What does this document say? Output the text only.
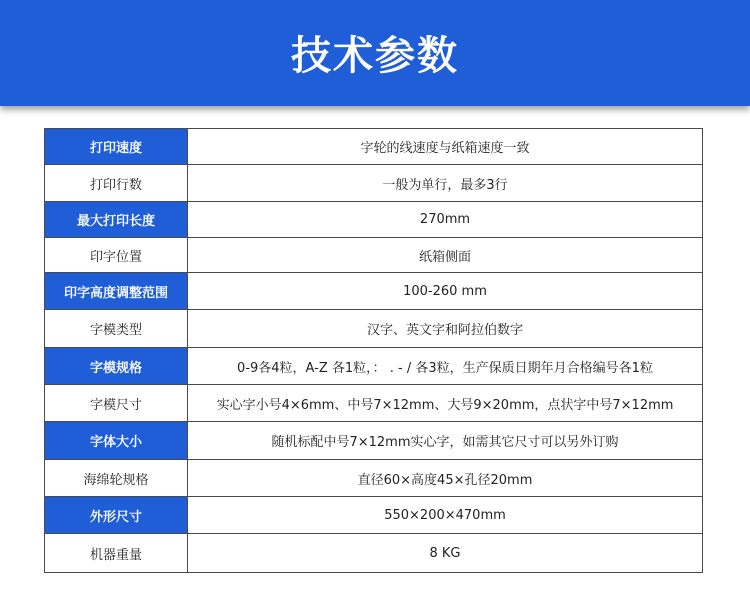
技术参数
打印速度	字轮的线速度与纸箱速度一致
打印行数	一般为单行，最多3行
最大打印长度	270mm
印字位置	纸箱侧面
印字高度调整范围	100-260 mm
字模类型	汉字、英文字和阿拉伯数字
字模规格	0-9各4粒，A-Z 各1粒，： . - / 各3粒，生产保质日期年月合格编号各1粒
字模尺寸	实心字小号4×6mm、中号7×12mm、大号9×20mm，点状字中号7×12mm
字体大小	随机标配中号7×12mm实心字，如需其它尺寸可以另外订购
海绵轮规格	直径60×高度45×孔径20mm
外形尺寸	550×200×470mm
机器重量	8 KG
